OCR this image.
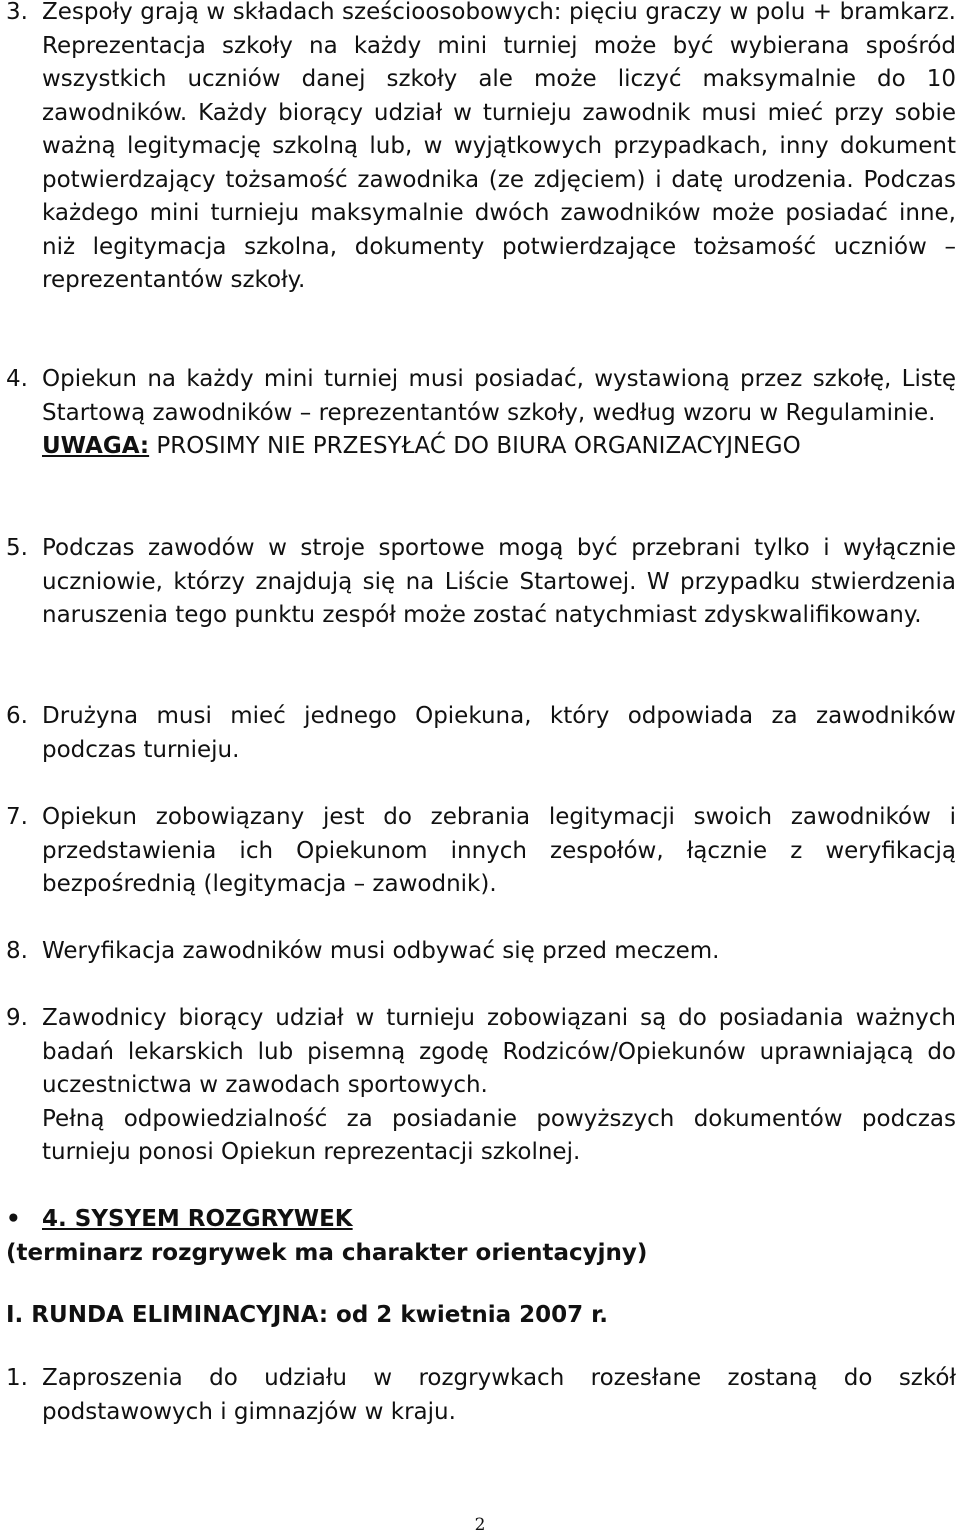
3. Zespoły grają w składach sześcioosobowych: pięciu graczy w polu + bramkarz. Reprezentacja szkoły na każdy mini turniej może być wybierana spośród wszystkich uczniów danej szkoły ale może liczyć maksymalnie do 10 zawodników. Każdy biorący udział w turnieju zawodnik musi mieć przy sobie ważną legitymację szkolną lub, w wyjątkowych przypadkach, inny dokument potwierdzający tożsamość zawodnika (ze zdjęciem) i datę urodzenia. Podczas każdego mini turnieju maksymalnie dwóch zawodników może posiadać inne, niż legitymacja szkolna, dokumenty potwierdzające tożsamość uczniów – reprezentantów szkoły.

4. Opiekun na każdy mini turniej musi posiadać, wystawioną przez szkołę, Listę Startową zawodników – reprezentantów szkoły, według wzoru w Regulaminie.

UWAGA: PROSIMY NIE PRZESYŁAĆ DO BIURA ORGANIZACYJNEGO

5. Podczas zawodów w stroje sportowe mogą być przebrani tylko i wyłącznie uczniowie, którzy znajdują się na Liście Startowej. W przypadku stwierdzenia naruszenia tego punktu zespół może zostać natychmiast zdyskwalifikowany.

6. Drużyna musi mieć jednego Opiekuna, który odpowiada za zawodników podczas turnieju.

7. Opiekun zobowiązany jest do zebrania legitymacji swoich zawodników i przedstawienia ich Opiekunom innych zespołów, łącznie z weryfikacją bezpośrednią (legitymacja – zawodnik).

8. Weryfikacja zawodników musi odbywać się przed meczem.

9. Zawodnicy biorący udział w turnieju zobowiązani są do posiadania ważnych badań lekarskich lub pisemną zgodę Rodziców/Opiekunów uprawniającą do uczestnictwa w zawodach sportowych.

Pełną odpowiedzialność za posiadanie powyższych dokumentów podczas turnieju ponosi Opiekun reprezentacji szkolnej.

• 4. SYSYEM ROZGRYWEK
(terminarz rozgrywek ma charakter orientacyjny)
I. RUNDA ELIMINACYJNA: od 2 kwietnia 2007 r.
1. Zaproszenia do udziału w rozgrywkach rozesłane zostaną do szkół podstawowych i gimnazjów w kraju.

2
